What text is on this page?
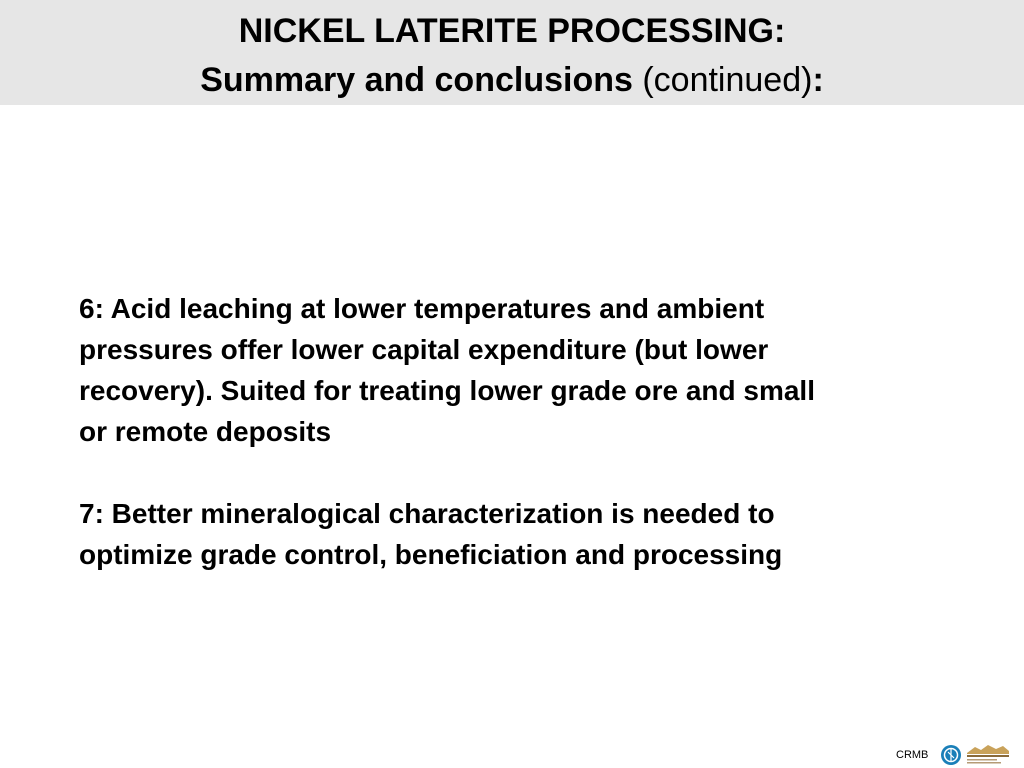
NICKEL LATERITE PROCESSING:
Summary and conclusions (continued):

6: Acid leaching at lower temperatures and ambient
pressures offer lower capital expenditure (but lower
recovery). Suited for treating lower grade ore and small
or remote deposits

7: Better mineralogical characterization is needed to
optimize grade control, beneficiation and processing

CRMB
